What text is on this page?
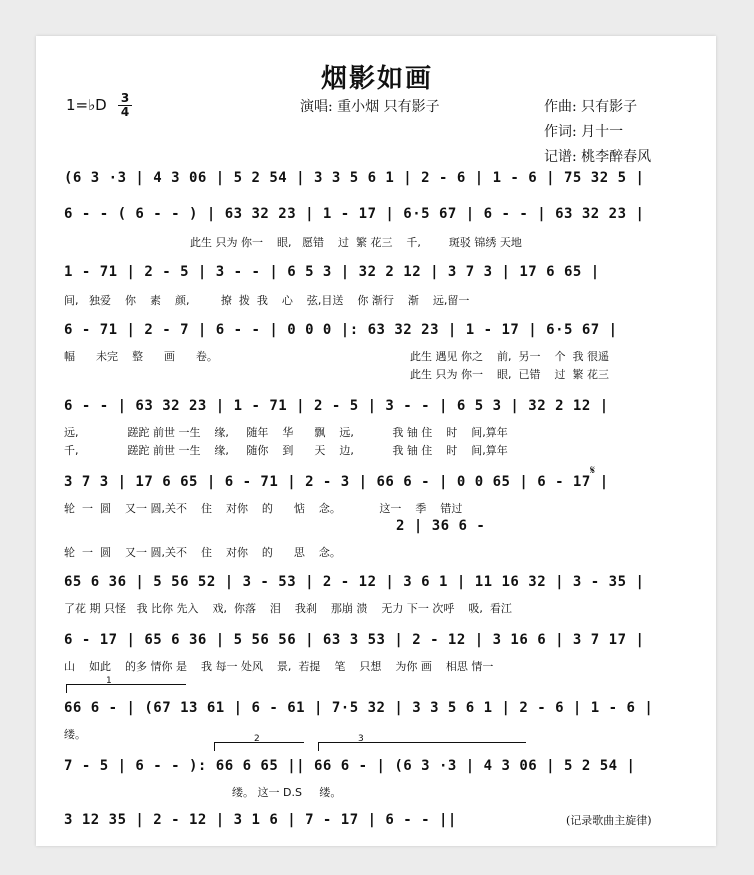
烟影如画
1=♭D 3
4	演唱: 重小烟 只有影子	作曲: 只有影子
作词: 月十一
记谱: 桃李醉春风
(6 3 ·3 | 4 3 06 | 5 2 54 | 3 3 5 6 1 | 2 - 6 | 1 - 6 | 75 32 5 |
6 - - ( 6 - - ) | 63 32 23 | 1 - 17 | 6·5 67 | 6 - - | 63 32 23 |
此生 只为 你一    眼,   愿错    过  繁 花三    千,        斑驳 锦绣 天地
1 - 71 | 2 - 5 | 3 - - | 6 5 3 | 32 2 12 | 3 7 3 | 17 6 65 |
间,   独爱    你    素    颜,         撩  拨  我    心    弦,目送    你 渐行    渐    远,留一
6 - 71 | 2 - 7 | 6 - - | 0 0 0 |: 63 32 23 | 1 - 17 | 6·5 67 |
幅      未完    整      画      卷。	此生 遇见 你之    前,  另一    个  我 很遥
此生 只为 你一    眼,  已错    过  繁 花三
6 - - | 63 32 23 | 1 - 71 | 2 - 5 | 3 - - | 6 5 3 | 32 2 12 |
远,              蹉跎 前世 一生    缘,     随年    华      飘    远,           我 铀 住    时    间,算年
千,              蹉跎 前世 一生    缘,     随你    到      天    边,           我 铀 住    时    间,算年
𝄋
3 7 3 | 17 6 65 | 6 - 71 | 2 - 3 | 66 6 - | 0 0 65 | 6 - 17 |
轮  一  圆    又一 圆,关不    住    对你    的      惦    念。           这一    季    错过
2 | 36 6 -
轮  一  圆    又一 圆,关不    住    对你    的      思    念。
65 6 36 | 5 56 52 | 3 - 53 | 2 - 12 | 3 6 1 | 11 16 32 | 3 - 35 |
了花 期 只怪   我 比你 先入    戏,  你落    泪    我刹    那崩 溃    无力 下一 次呼    吸,  看江
6 - 17 | 65 6 36 | 5 56 56 | 63 3 53 | 2 - 12 | 3 16 6 | 3 7 17 |
山    如此    的多 情你 是    我 每一 处风    景,  若提    笔    只想    为你 画    相思 情一
1
66 6 - | (67 13 61 | 6 - 61 | 7·5 32 | 3 3 5 6 1 | 2 - 6 | 1 - 6 |
缕。	2	3
7 - 5 | 6 - - ): 66 6 65 || 66 6 - | (6 3 ·3 | 4 3 06 | 5 2 54 |
缕。 这一 D.S     缕。
3 12 35 | 2 - 12 | 3 1 6 | 7 - 17 | 6 - - ||	(记录歌曲主旋律)
